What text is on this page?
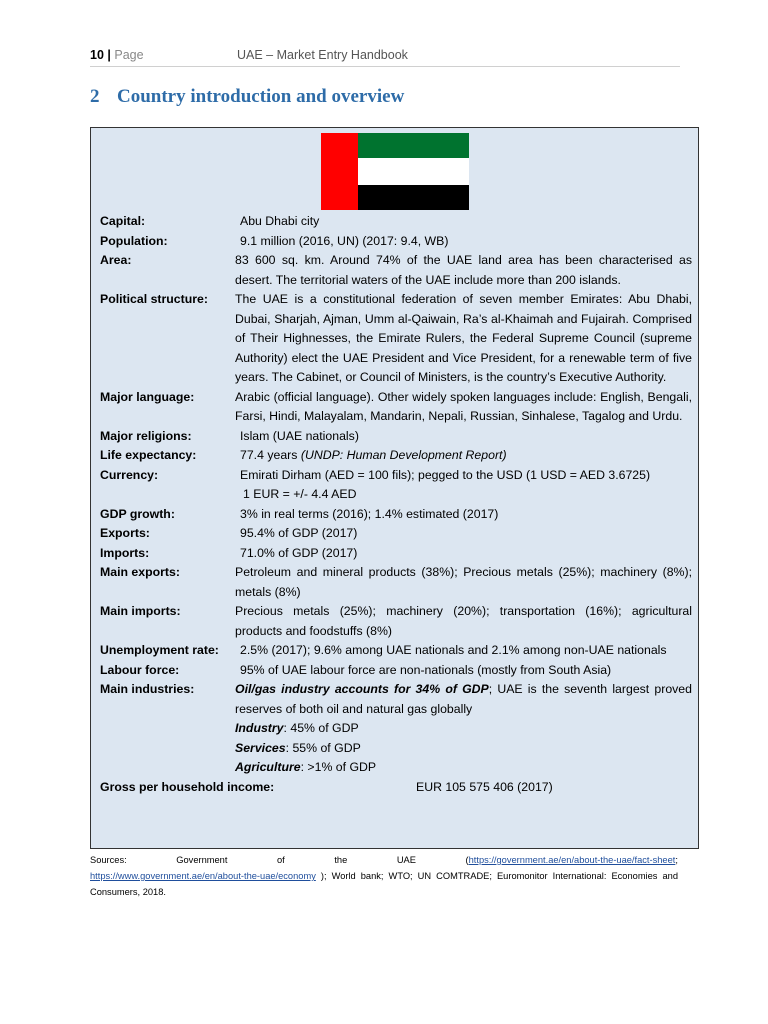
10 | Page	UAE – Market Entry Handbook
2 Country introduction and overview
Capital:	Abu Dhabi city
Population:	9.1 million (2016, UN) (2017: 9.4, WB)
Area:	83 600 sq. km. Around 74% of the UAE land area has been characterised as desert. The territorial waters of the UAE include more than 200 islands.
Political structure:	The UAE is a constitutional federation of seven member Emirates: Abu Dhabi, Dubai, Sharjah, Ajman, Umm al-Qaiwain, Ra’s al-Khaimah and Fujairah. Comprised of Their Highnesses, the Emirate Rulers, the Federal Supreme Council (supreme Authority) elect the UAE President and Vice President, for a renewable term of five years. The Cabinet, or Council of Ministers, is the country’s Executive Authority.
Major language:	Arabic (official language). Other widely spoken languages include: English, Bengali, Farsi, Hindi, Malayalam, Mandarin, Nepali, Russian, Sinhalese, Tagalog and Urdu.
Major religions:	Islam (UAE nationals)
Life expectancy:	77.4 years (UNDP: Human Development Report)
Currency:	Emirati Dirham (AED = 100 fils); pegged to the USD (1 USD = AED 3.6725)
1 EUR = +/- 4.4 AED
GDP growth:	3% in real terms (2016); 1.4% estimated (2017)
Exports:	95.4% of GDP (2017)
Imports:	71.0% of GDP (2017)
Main exports:	Petroleum and mineral products (38%); Precious metals (25%); machinery (8%); metals (8%)
Main imports:	Precious metals (25%); machinery (20%); transportation (16%); agricultural products and foodstuffs (8%)
Unemployment rate:	2.5% (2017); 9.6% among UAE nationals and 2.1% among non-UAE nationals
Labour force:	95% of UAE labour force are non-nationals (mostly from South Asia)
Main industries:	Oil/gas industry accounts for 34% of GDP; UAE is the seventh largest proved reserves of both oil and natural gas globally
Industry: 45% of GDP
Services: 55% of GDP
Agriculture: >1% of GDP
Gross per household income:	EUR 105 575 406 (2017)
Sources:	Government	of	the	UAE	(https://government.ae/en/about-the-uae/fact-sheet;
https://www.government.ae/en/about-the-uae/economy ); World bank; WTO; UN COMTRADE; Euromonitor International: Economies and Consumers, 2018.
